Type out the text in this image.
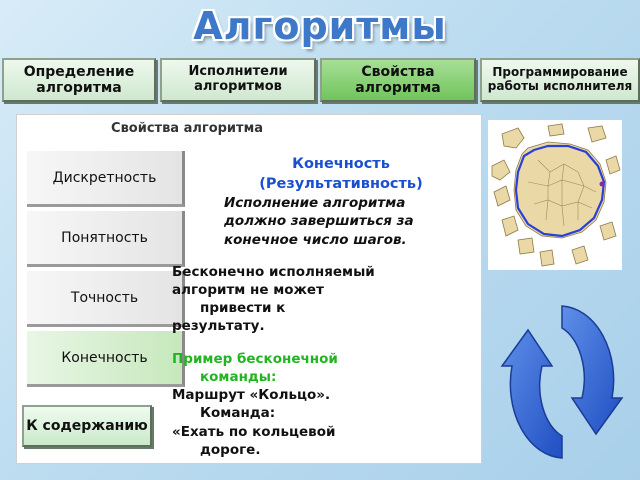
Алгоритмы
Определение
алгоритма
Исполнители
алгоритмов
Свойства
алгоритма
Программирование
работы исполнителя
Свойства алгоритма
Дискретность
Понятность
Точность
Конечность

Конечность

(Результативность)

Исполнение алгоритма

должно завершиться за

конечное число шагов.

Бесконечно исполняемый

алгоритм не может

привести к

результату.

Пример бесконечной

команды:

Маршрут «Кольцо».

Команда:

«Ехать по кольцевой

дороге.

К содержанию
